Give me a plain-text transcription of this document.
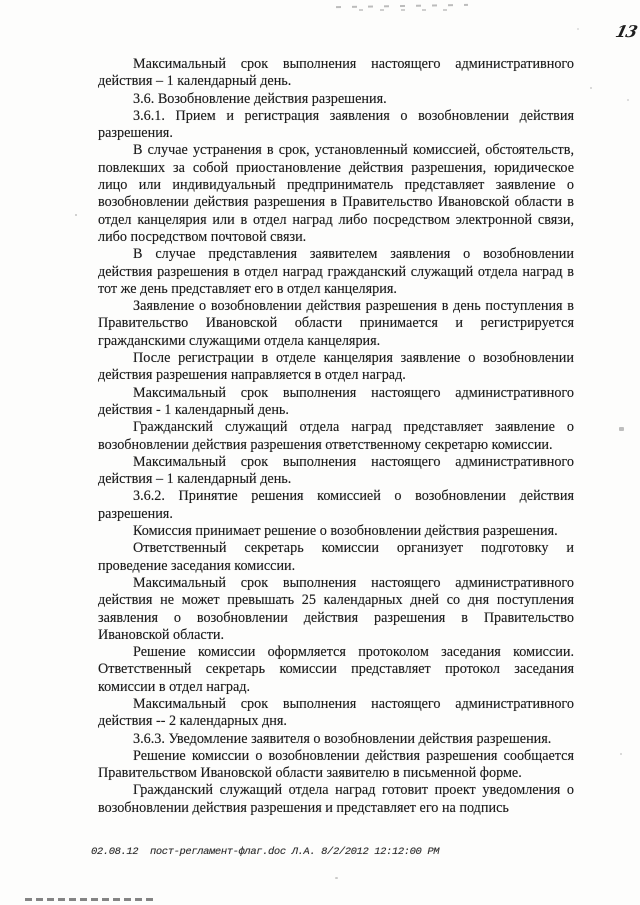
13

Максимальный срок выполнения настоящего административного действия – 1 календарный день.

3.6. Возобновление действия разрешения.

3.6.1. Прием и регистрация заявления о возобновлении действия разрешения.

В случае устранения в срок, установленный комиссией, обстоятельств, повлекших за собой приостановление действия разрешения, юридическое лицо или индивидуальный предприниматель представляет заявление о возобновлении действия разрешения в Правительство Ивановской области в отдел канцелярия или в отдел наград либо посредством электронной связи, либо посредством почтовой связи.

В случае представления заявителем заявления о возобновлении действия разрешения в отдел наград гражданский служащий отдела наград в тот же день представляет его в отдел канцелярия.

Заявление о возобновлении действия разрешения в день поступления в Правительство Ивановской области принимается и регистрируется гражданскими служащими отдела канцелярия.

После регистрации в отделе канцелярия заявление о возобновлении действия разрешения направляется в отдел наград.

Максимальный срок выполнения настоящего административного действия - 1 календарный день.

Гражданский служащий отдела наград представляет заявление о возобновлении действия разрешения ответственному секретарю комиссии.

Максимальный срок выполнения настоящего административного действия – 1 календарный день.

3.6.2. Принятие решения комиссией о возобновлении действия разрешения.

Комиссия принимает решение о возобновлении действия разрешения.

Ответственный секретарь комиссии организует подготовку и проведение заседания комиссии.

Максимальный срок выполнения настоящего административного действия не может превышать 25 календарных дней со дня поступления заявления о возобновлении действия разрешения в Правительство Ивановской области.

Решение комиссии оформляется протоколом заседания комиссии. Ответственный секретарь комиссии представляет протокол заседания комиссии в отдел наград.

Максимальный срок выполнения настоящего административного действия -- 2 календарных дня.

3.6.3. Уведомление заявителя о возобновлении действия разрешения.

Решение комиссии о возобновлении действия разрешения сообщается Правительством Ивановской области заявителю в письменной форме.

Гражданский служащий отдела наград готовит проект уведомления о возобновлении действия разрешения и представляет его на подпись

02.08.12  пост-регламент-флаг.doc Л.А. 8/2/2012 12:12:00 PM
